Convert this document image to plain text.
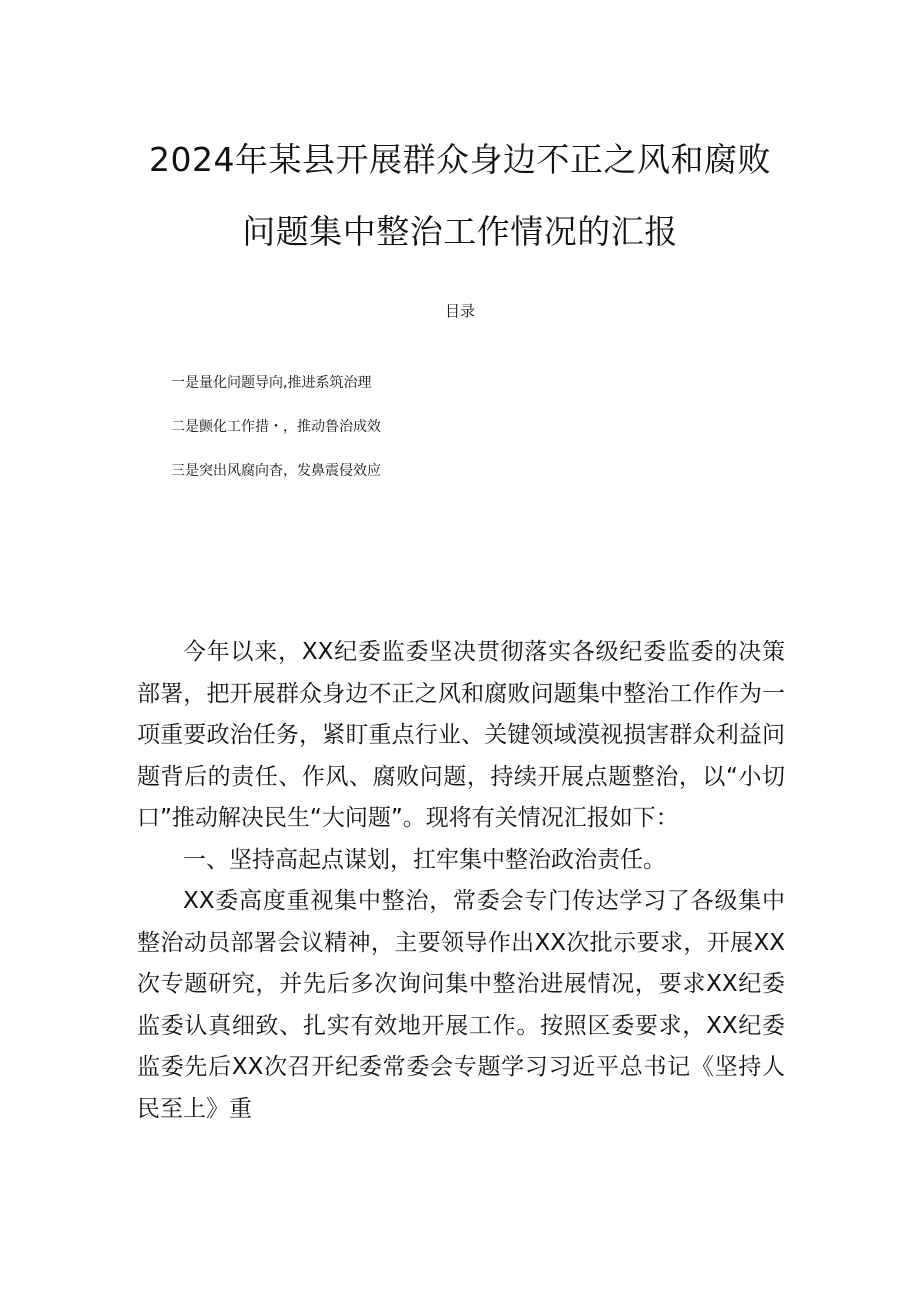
2024年某县开展群众身边不正之风和腐败
问题集中整治工作情况的汇报
目录
一是量化问题导向,推进系筑治理
二是颤化工作措・，推动鲁治成效
三是突出风腐向杳，发鼻震侵效应

今年以来，XX纪委监委坚决贯彻落实各级纪委监委的决策部署，把开展群众身边不正之风和腐败问题集中整治工作作为一项重要政治任务，紧盯重点行业、关键领域漠视损害群众利益问题背后的责任、作风、腐败问题，持续开展点题整治，以“小切口”推动解决民生“大问题”。现将有关情况汇报如下：

一、坚持高起点谋划，扛牢集中整治政治责任。

XX委高度重视集中整治，常委会专门传达学习了各级集中整治动员部署会议精神，主要领导作出XX次批示要求，开展XX次专题研究，并先后多次询问集中整治进展情况，要求XX纪委监委认真细致、扎实有效地开展工作。按照区委要求，XX纪委监委先后XX次召开纪委常委会专题学习习近平总书记《坚持人民至上》重
